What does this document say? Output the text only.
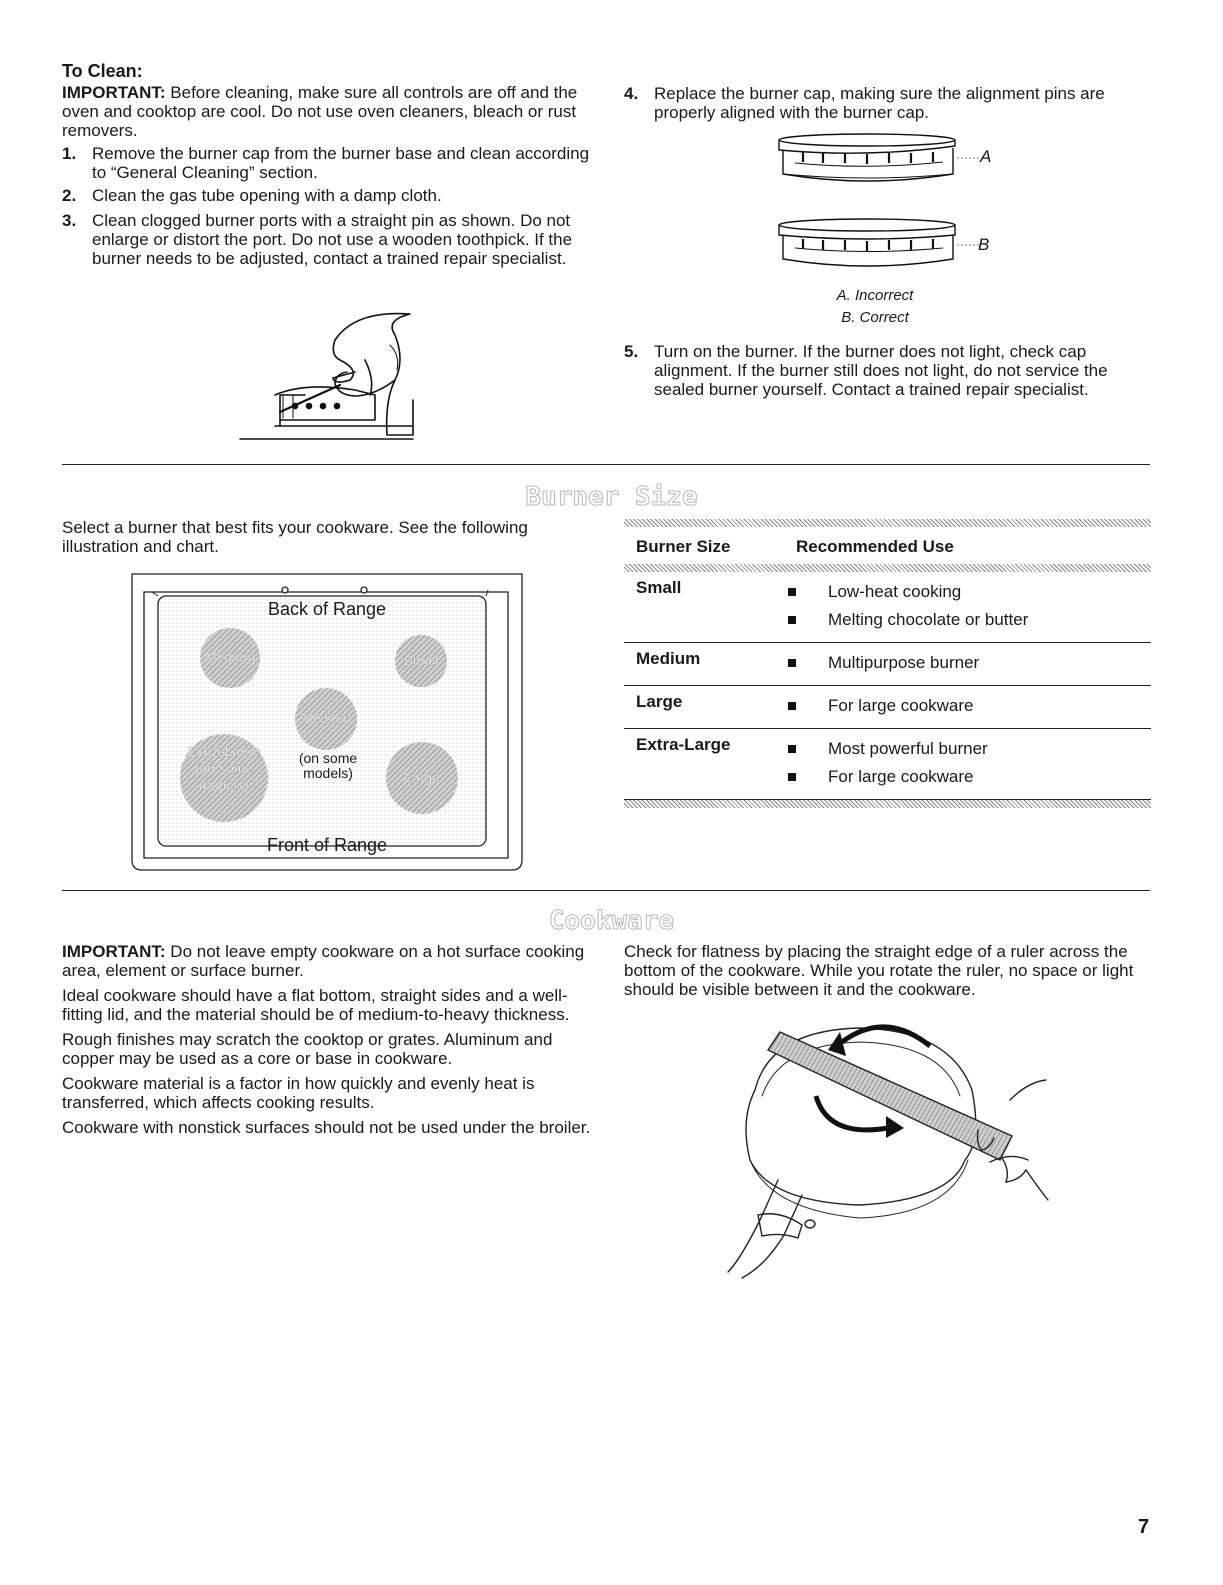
To Clean:

IMPORTANT: Before cleaning, make sure all controls are off and the oven and cooktop are cool. Do not use oven cleaners, bleach or rust removers.

1. Remove the burner cap from the burner base and clean according to “General Cleaning” section.
2. Clean the gas tube opening with a damp cloth.
3. Clean clogged burner ports with a straight pin as shown. Do not enlarge or distort the port. Do not use a wooden toothpick. If the burner needs to be adjusted, contact a trained repair specialist.
4. Replace the burner cap, making sure the alignment pins are properly aligned with the burner cap.
A
B
A. Incorrect
B. Correct
5. Turn on the burner. If the burner does not light, check cap alignment. If the burner still does not light, do not service the sealed burner yourself. Contact a trained repair specialist.
Burner Size

Select a burner that best fits your cookware. See the following illustration and chart.

Back of Range
Front of Range
Medium	Small
Medium
(on some models)
Extra-Large (on some models)	Large
Burner Size	Recommended Use
Small	Low-heat cooking
Melting chocolate or butter
Medium	Multipurpose burner
Large	For large cookware
Extra-Large	Most powerful burner
For large cookware
Cookware

IMPORTANT: Do not leave empty cookware on a hot surface cooking area, element or surface burner.

Ideal cookware should have a flat bottom, straight sides and a well-fitting lid, and the material should be of medium-to-heavy thickness.

Rough finishes may scratch the cooktop or grates. Aluminum and copper may be used as a core or base in cookware.

Cookware material is a factor in how quickly and evenly heat is transferred, which affects cooking results.

Cookware with nonstick surfaces should not be used under the broiler.

Check for flatness by placing the straight edge of a ruler across the bottom of the cookware. While you rotate the ruler, no space or light should be visible between it and the cookware.

7
